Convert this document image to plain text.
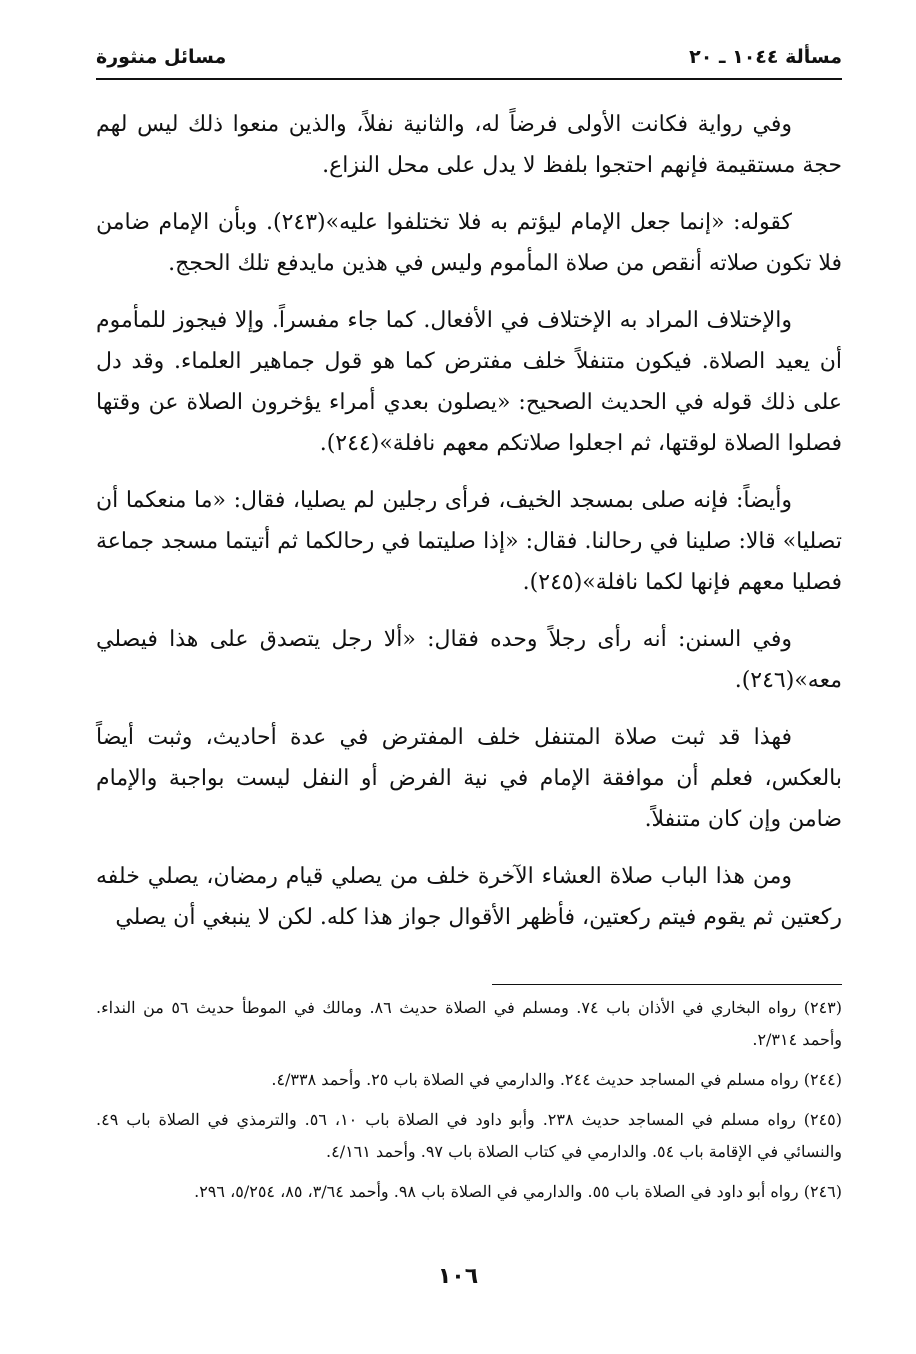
مسألة ١٠٤٤ ـ ٢٠
مسائل منثورة

وفي رواية فكانت الأولى فرضاً له، والثانية نفلاً، والذين منعوا ذلك ليس لهم حجة مستقيمة فإنهم احتجوا بلفظ لا يدل على محل النزاع.

كقوله: «إنما جعل الإمام ليؤتم به فلا تختلفوا عليه»(٢٤٣). وبأن الإمام ضامن فلا تكون صلاته أنقص من صلاة المأموم وليس في هذين مايدفع تلك الحجج.

والإختلاف المراد به الإختلاف في الأفعال. كما جاء مفسراً. وإلا فيجوز للمأموم أن يعيد الصلاة. فيكون متنفلاً خلف مفترض كما هو قول جماهير العلماء. وقد دل على ذلك قوله في الحديث الصحيح: «يصلون بعدي أمراء يؤخرون الصلاة عن وقتها فصلوا الصلاة لوقتها، ثم اجعلوا صلاتكم معهم نافلة»(٢٤٤).

وأيضاً: فإنه صلى بمسجد الخيف، فرأى رجلين لم يصليا، فقال: «ما منعكما أن تصليا» قالا: صلينا في رحالنا. فقال: «إذا صليتما في رحالكما ثم أتيتما مسجد جماعة فصليا معهم فإنها لكما نافلة»(٢٤٥).

وفي السنن: أنه رأى رجلاً وحده فقال: «ألا رجل يتصدق على هذا فيصلي معه»(٢٤٦).

فهذا قد ثبت صلاة المتنفل خلف المفترض في عدة أحاديث، وثبت أيضاً بالعكس، فعلم أن موافقة الإمام في نية الفرض أو النفل ليست بواجبة والإمام ضامن وإن كان متنفلاً.

ومن هذا الباب صلاة العشاء الآخرة خلف من يصلي قيام رمضان، يصلي خلفه ركعتين ثم يقوم فيتم ركعتين، فأظهر الأقوال جواز هذا كله. لكن لا ينبغي أن يصلي

(٢٤٣) رواه البخاري في الأذان باب ٧٤. ومسلم في الصلاة حديث ٨٦. ومالك في الموطأ حديث ٥٦ من النداء. وأحمد ٢/٣١٤.

(٢٤٤) رواه مسلم في المساجد حديث ٢٤٤. والدارمي في الصلاة باب ٢٥. وأحمد ٤/٣٣٨.

(٢٤٥) رواه مسلم في المساجد حديث ٢٣٨. وأبو داود في الصلاة باب ١٠، ٥٦. والترمذي في الصلاة باب ٤٩. والنسائي في الإقامة باب ٥٤. والدارمي في كتاب الصلاة باب ٩٧. وأحمد ٤/١٦١.

(٢٤٦) رواه أبو داود في الصلاة باب ٥٥. والدارمي في الصلاة باب ٩٨. وأحمد ٣/٦٤، ٨٥، ٥/٢٥٤، ٢٩٦.

١٠٦
